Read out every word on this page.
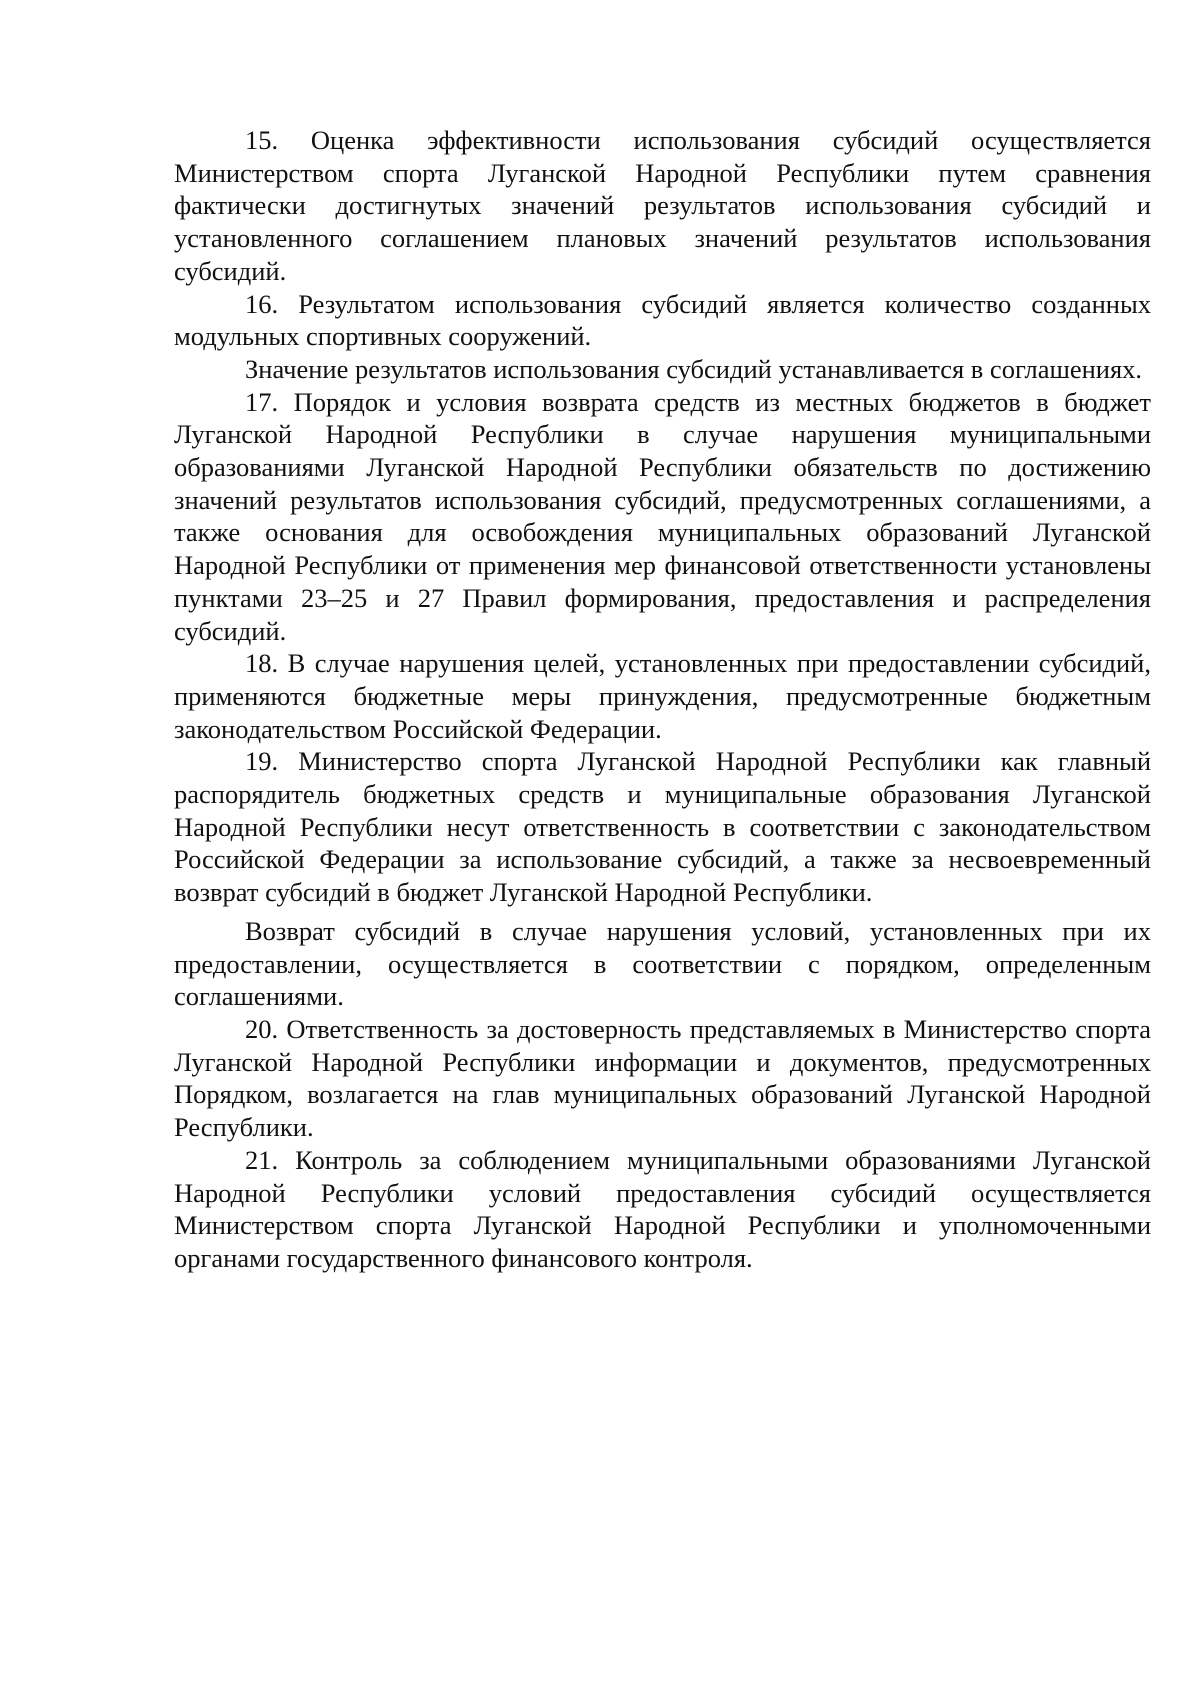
15. Оценка эффективности использования субсидий осуществляется Министерством спорта Луганской Народной Республики путем сравнения фактически достигнутых значений результатов использования субсидий и установленного соглашением плановых значений результатов использования субсидий.

16. Результатом использования субсидий является количество созданных модульных спортивных сооружений.

Значение результатов использования субсидий устанавливается в соглашениях.

17. Порядок и условия возврата средств из местных бюджетов в бюджет Луганской Народной Республики в случае нарушения муниципальными образованиями Луганской Народной Республики обязательств по достижению значений результатов использования субсидий, предусмотренных соглашениями, а также основания для освобождения муниципальных образований Луганской Народной Республики от применения мер финансовой ответственности установлены пунктами 23–25 и 27 Правил формирования, предоставления и распределения субсидий.

18. В случае нарушения целей, установленных при предоставлении субсидий, применяются бюджетные меры принуждения, предусмотренные бюджетным законодательством Российской Федерации.

19. Министерство спорта Луганской Народной Республики как главный распорядитель бюджетных средств и муниципальные образования Луганской Народной Республики несут ответственность в соответствии с законодательством Российской Федерации за использование субсидий, а также за несвоевременный возврат субсидий в бюджет Луганской Народной Республики.

Возврат субсидий в случае нарушения условий, установленных при их предоставлении, осуществляется в соответствии с порядком, определенным соглашениями.

20. Ответственность за достоверность представляемых в Министерство спорта Луганской Народной Республики информации и документов, предусмотренных Порядком, возлагается на глав муниципальных образований Луганской Народной Республики.

21. Контроль за соблюдением муниципальными образованиями Луганской Народной Республики условий предоставления субсидий осуществляется Министерством спорта Луганской Народной Республики и уполномоченными органами государственного финансового контроля.
